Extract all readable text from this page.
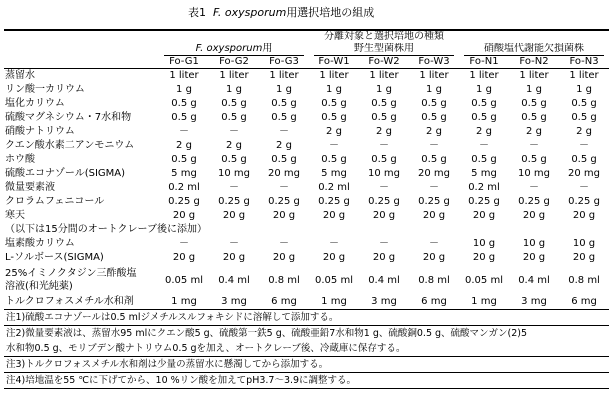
表1 F. oxysporum用選択培地の組成
	分離対象と選択培地の種類								
	F. oxysporum用			野生型菌株用			硝酸塩代謝能欠損菌株		
	Fo-G1	Fo-G2	Fo-G3	Fo-W1	Fo-W2	Fo-W3	Fo-N1	Fo-N2	Fo-N3
蒸留水	1 liter	1 liter	1 liter	1 liter	1 liter	1 liter	1 liter	1 liter	1 liter
リン酸一カリウム	1 g	1 g	1 g	1 g	1 g	1 g	1 g	1 g	1 g
塩化カリウム	0.5 g	0.5 g	0.5 g	0.5 g	0.5 g	0.5 g	0.5 g	0.5 g	0.5 g
硫酸マグネシウム・7水和物	0.5 g	0.5 g	0.5 g	0.5 g	0.5 g	0.5 g	0.5 g	0.5 g	0.5 g
硝酸ナトリウム	－	－	－	2 g	2 g	2 g	2 g	2 g	2 g
クエン酸水素二アンモニウム	2 g	2 g	2 g	－	－	－	－	－	－
ホウ酸	0.5 g	0.5 g	0.5 g	0.5 g	0.5 g	0.5 g	0.5 g	0.5 g	0.5 g
硫酸エコナゾール(SIGMA)	5 mg	10 mg	20 mg	5 mg	10 mg	20 mg	5 mg	10 mg	20 mg
微量要素液	0.2 ml	－	－	0.2 ml	－	－	0.2 ml	－	－
クロラムフェニコール	0.25 g	0.25 g	0.25 g	0.25 g	0.25 g	0.25 g	0.25 g	0.25 g	0.25 g
寒天	20 g	20 g	20 g	20 g	20 g	20 g	20 g	20 g	20 g
（以下は15分間のオートクレーブ後に添加）									
塩素酸カリウム	－	－	－	－	－	－	10 g	10 g	10 g
L-ソルボース(SIGMA)	20 g	20 g	20 g	20 g	20 g	20 g	20 g	20 g	20 g
25%イミノクタジン三酢酸塩
溶液(和光純薬)	0.05 ml	0.4 ml	0.8 ml	0.05 ml	0.4 ml	0.8 ml	0.05 ml	0.4 ml	0.8 ml
トルクロフォスメチル水和剤	1 mg	3 mg	6 mg	1 mg	3 mg	6 mg	1 mg	3 mg	6 mg
注1)硫酸エコナゾールは0.5 mlジメチルスルフォキシドに溶解して添加する。									
注2)微量要素液は、蒸留水95 mlにクエン酸5 g、硫酸第一鉄5 g、硫酸亜鉛7水和物1 g、硫酸銅0.5 g、硫酸マンガン(2)5									
水和物0.5 g、モリブデン酸ナトリウム0.5 gを加え、オートクレーブ後、冷蔵庫に保存する。									
注3)トルクロフォスメチル水和剤は少量の蒸留水に懸濁してから添加する。									
注4)培地温を55 ℃に下げてから、10 %リン酸を加えてpH3.7～3.9に調整する。									
